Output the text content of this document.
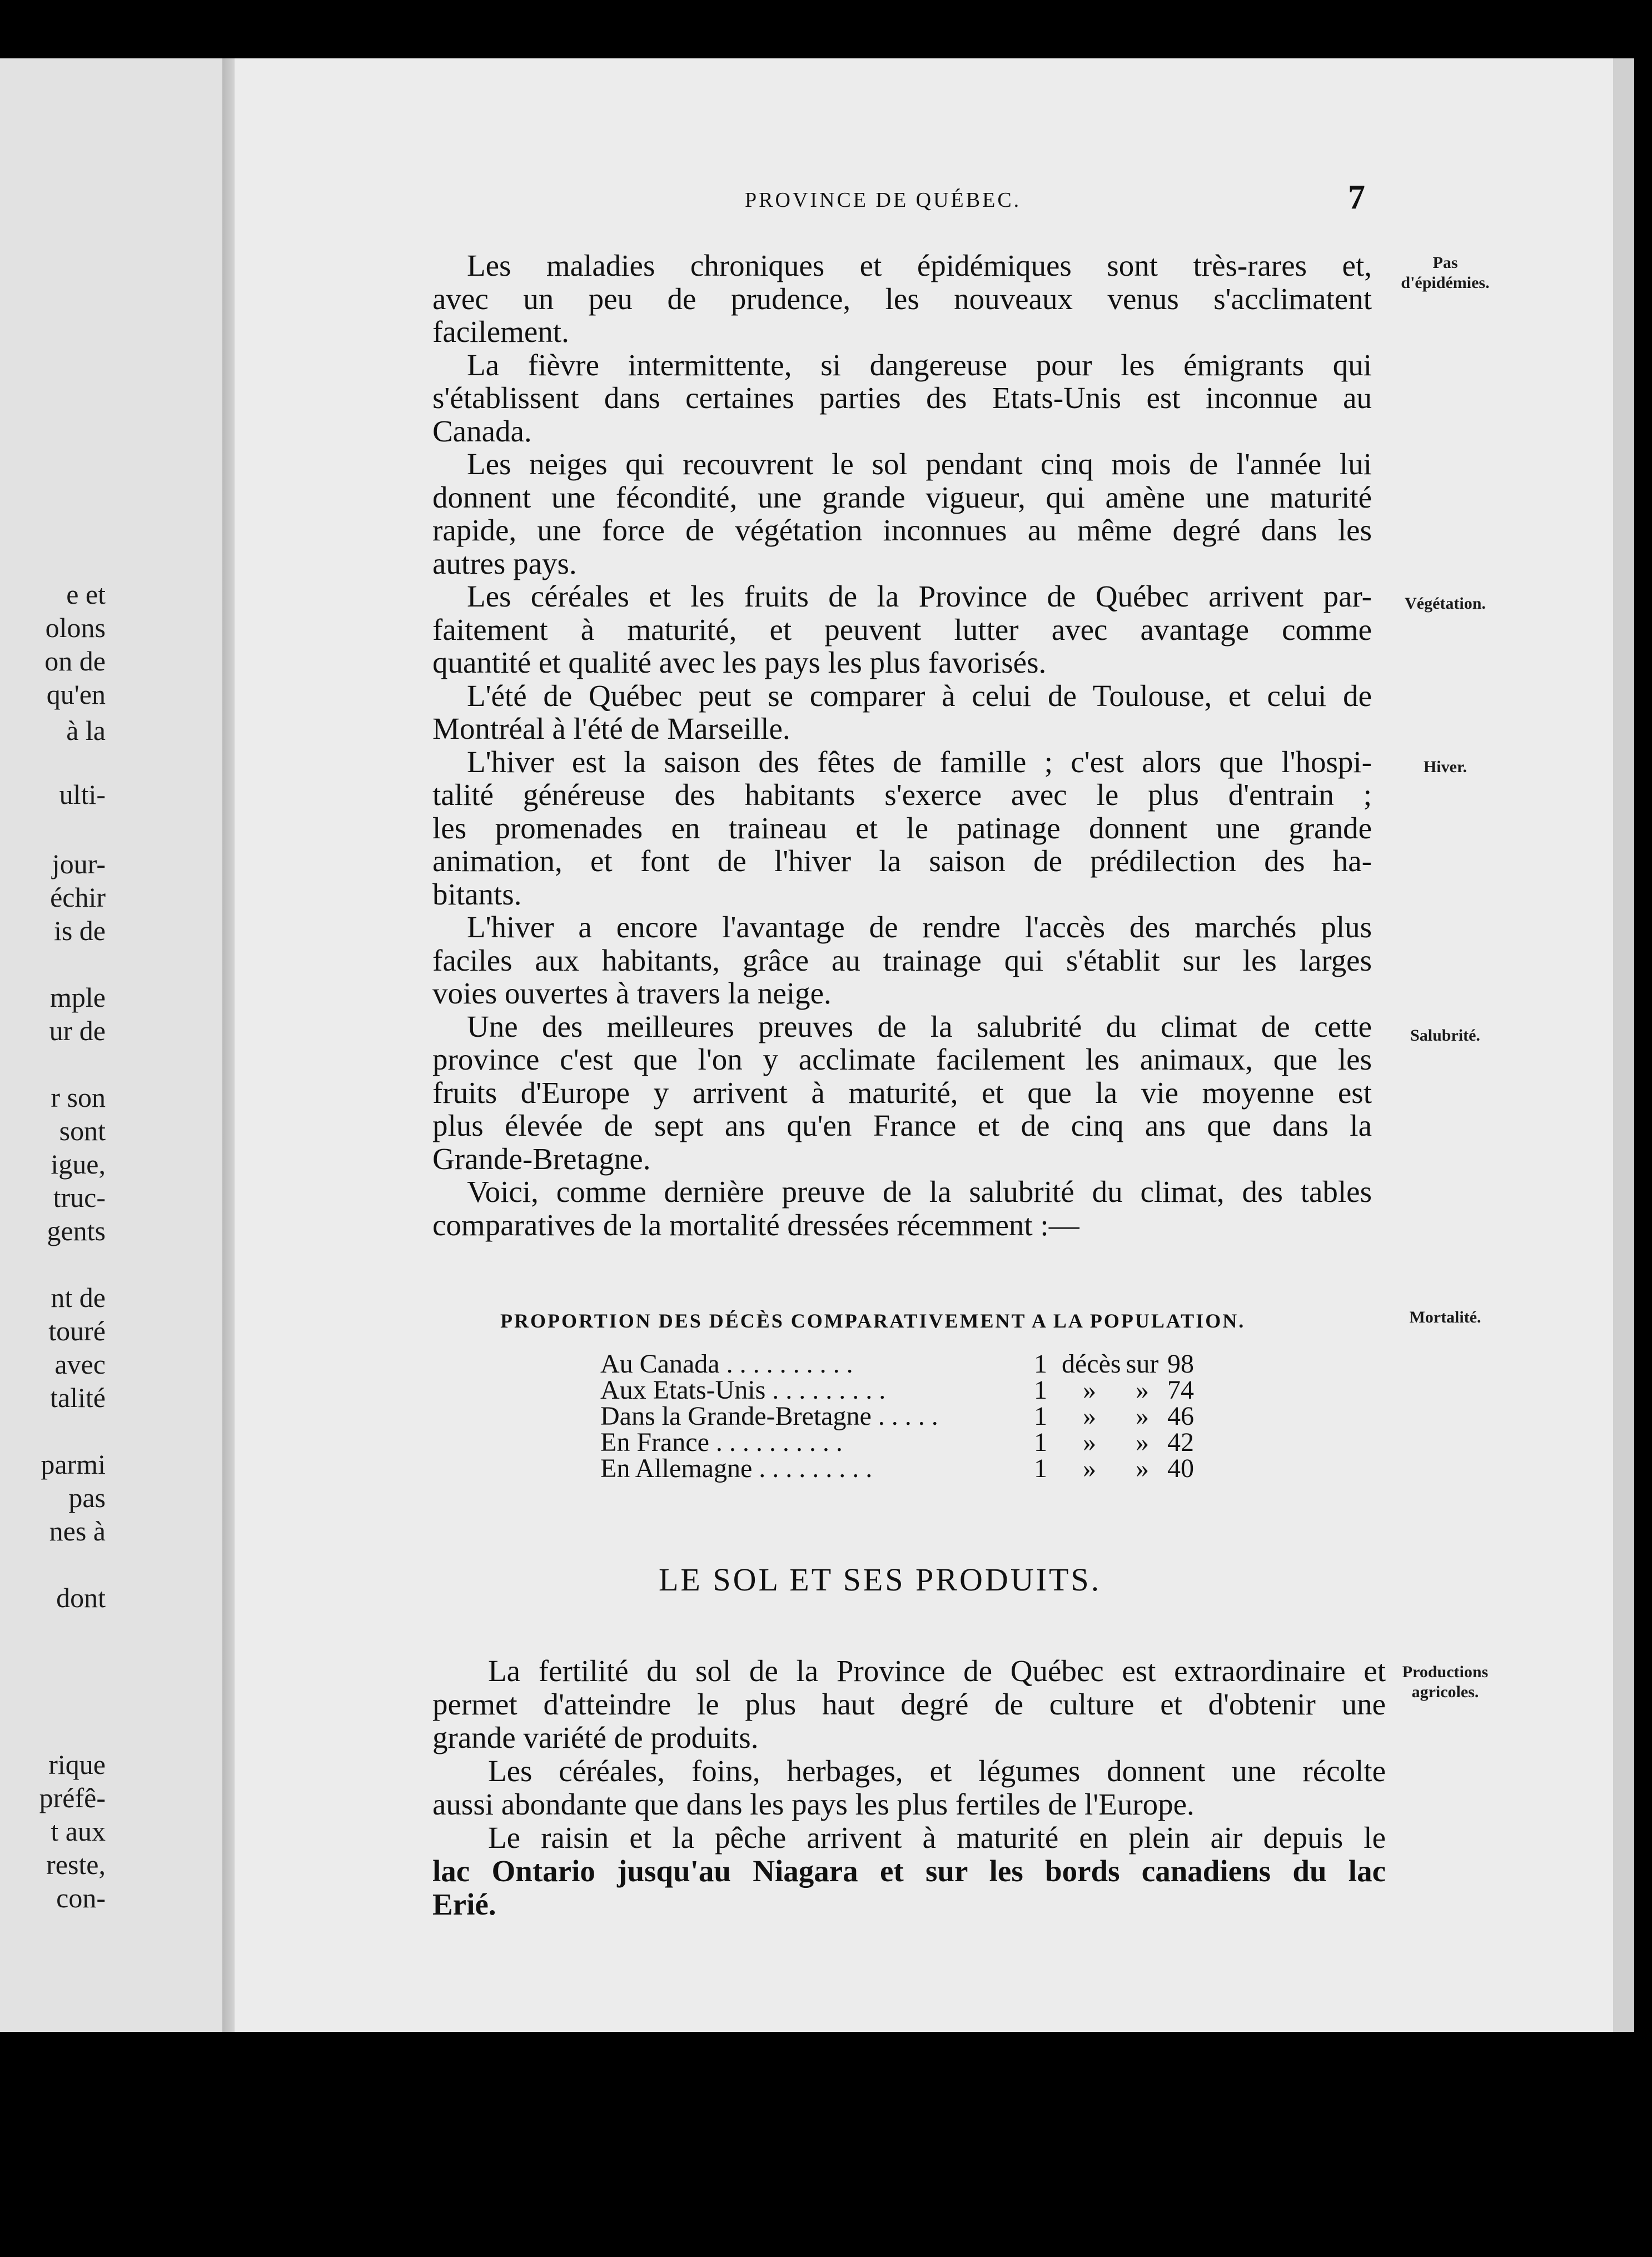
e et
olons
on de
qu'en
à la
ulti-
jour-
échir
is de
mple
ur de
r son
sont
igue,
truc-
gents
nt de
touré
avec
talité
parmi
pas
nes à
dont
rique
préfê-
t aux
reste,
con-
PROVINCE DE QUÉBEC.	7
Les maladies chroniques et épidémiques sont très-rares et,
avec un peu de prudence, les nouveaux venus s'acclimatent
facilement.
La fièvre intermittente, si dangereuse pour les émigrants qui
s'établissent dans certaines parties des Etats-Unis est inconnue au
Canada.
Les neiges qui recouvrent le sol pendant cinq mois de l'année lui
donnent une fécondité, une grande vigueur, qui amène une maturité
rapide, une force de végétation inconnues au même degré dans les
autres pays.
Les céréales et les fruits de la Province de Québec arrivent par-
faitement à maturité, et peuvent lutter avec avantage comme
quantité et qualité avec les pays les plus favorisés.
L'été de Québec peut se comparer à celui de Toulouse, et celui de
Montréal à l'été de Marseille.
L'hiver est la saison des fêtes de famille ; c'est alors que l'hospi-
talité généreuse des habitants s'exerce avec le plus d'entrain ;
les promenades en traineau et le patinage donnent une grande
animation, et font de l'hiver la saison de prédilection des ha-
bitants.
L'hiver a encore l'avantage de rendre l'accès des marchés plus
faciles aux habitants, grâce au trainage qui s'établit sur les larges
voies ouvertes à travers la neige.
Une des meilleures preuves de la salubrité du climat de cette
province c'est que l'on y acclimate facilement les animaux, que les
fruits d'Europe y arrivent à maturité, et que la vie moyenne est
plus élevée de sept ans qu'en France et de cinq ans que dans la
Grande-Bretagne.
Voici, comme dernière preuve de la salubrité du climat, des tables
comparatives de la mortalité dressées récemment :—
Pas
d'épidémies.
Végétation.
Hiver.
Salubrité.
Mortalité.
Productions
agricoles.
PROPORTION DES DÉCÈS COMPARATIVEMENT A LA POPULATION.
Au Canada . . . . . . . . . .	1 décès sur 98
Aux Etats-Unis . . . . . . . . .	1 » » 74
Dans la Grande-Bretagne . . . . .	1 » » 46
En France . . . . . . . . . .	1 » » 42
En Allemagne . . . . . . . . .	1 » » 40
LE SOL ET SES PRODUITS.
La fertilité du sol de la Province de Québec est extraordinaire et
permet d'atteindre le plus haut degré de culture et d'obtenir une
grande variété de produits.
Les céréales, foins, herbages, et légumes donnent une récolte
aussi abondante que dans les pays les plus fertiles de l'Europe.
Le raisin et la pêche arrivent à maturité en plein air depuis le
lac Ontario jusqu'au Niagara et sur les bords canadiens du lac
Erié.
